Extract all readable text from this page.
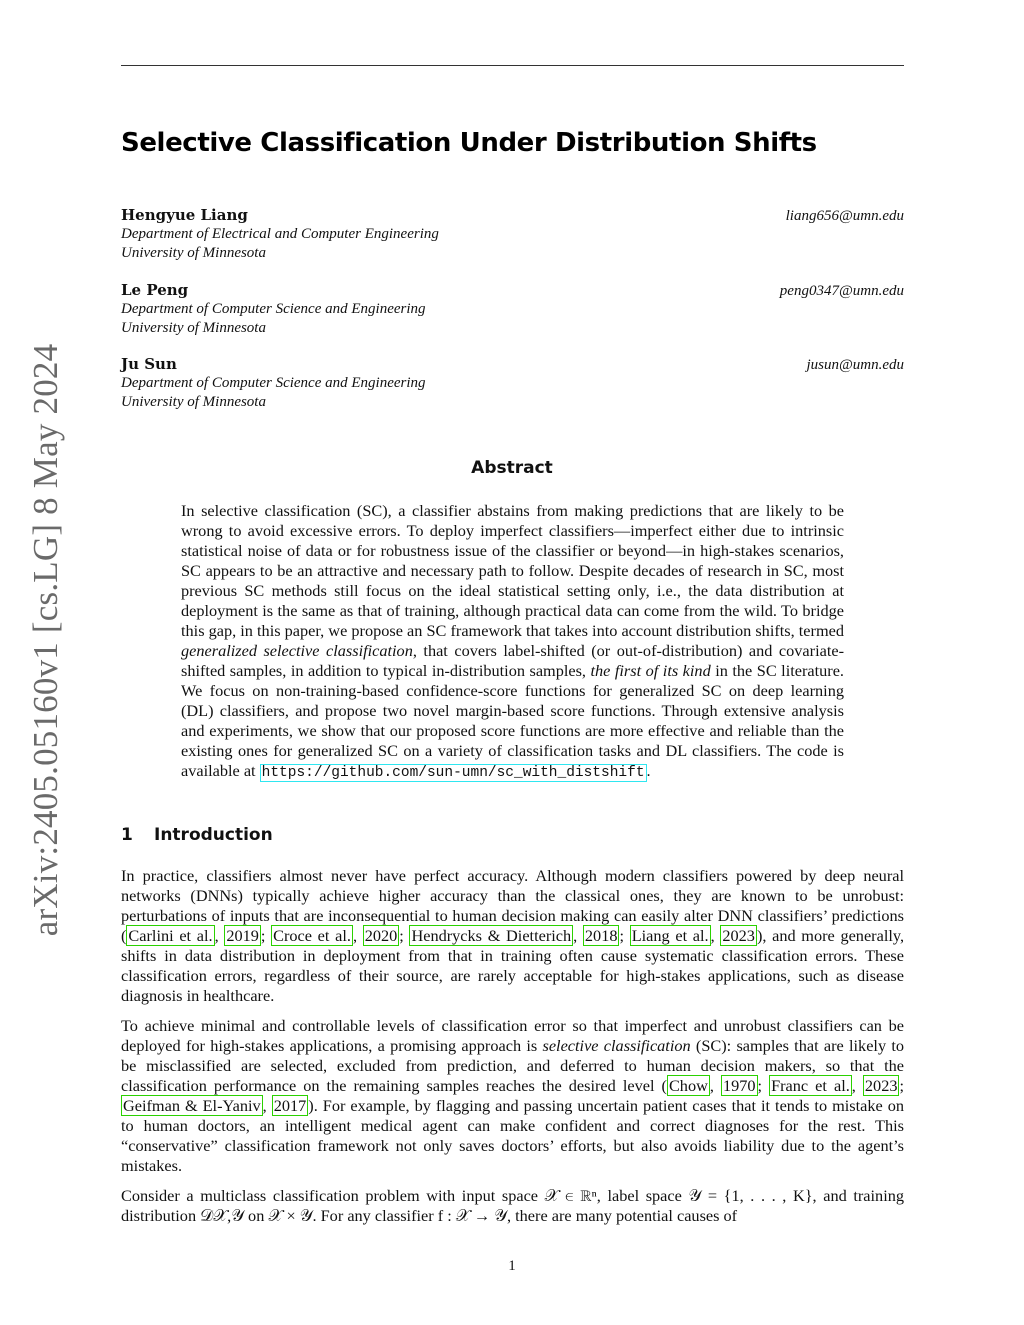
arXiv:2405.05160v1 [cs.LG] 8 May 2024
Selective Classification Under Distribution Shifts
Hengyue Liang	liang656@umn.edu
Department of Electrical and Computer Engineering
University of Minnesota
Le Peng	peng0347@umn.edu
Department of Computer Science and Engineering
University of Minnesota
Ju Sun	jusun@umn.edu
Department of Computer Science and Engineering
University of Minnesota
Abstract
In selective classification (SC), a classifier abstains from making predictions that are likely to be wrong to avoid excessive errors. To deploy imperfect classifiers—imperfect either due to intrinsic statistical noise of data or for robustness issue of the classifier or beyond—in high-stakes scenarios, SC appears to be an attractive and necessary path to follow. Despite decades of research in SC, most previous SC methods still focus on the ideal statistical setting only, i.e., the data distribution at deployment is the same as that of training, although practical data can come from the wild. To bridge this gap, in this paper, we propose an SC framework that takes into account distribution shifts, termed generalized selective classification, that covers label-shifted (or out-of-distribution) and covariate-shifted samples, in addition to typical in-distribution samples, the first of its kind in the SC literature. We focus on non-training-based confidence-score functions for generalized SC on deep learning (DL) classifiers, and propose two novel margin-based score functions. Through extensive analysis and experiments, we show that our proposed score functions are more effective and reliable than the existing ones for generalized SC on a variety of classification tasks and DL classifiers. The code is available at https://github.com/sun-umn/sc_with_distshift .
1 Introduction
In practice, classifiers almost never have perfect accuracy. Although modern classifiers powered by deep neural networks (DNNs) typically achieve higher accuracy than the classical ones, they are known to be unrobust: perturbations of inputs that are inconsequential to human decision making can easily alter DNN classifiers’ predictions ( Carlini et al. , 2019 ; Croce et al. , 2020 ; Hendrycks & Dietterich , 2018 ; Liang et al. , 2023 ), and more generally, shifts in data distribution in deployment from that in training often cause systematic classification errors. These classification errors, regardless of their source, are rarely acceptable for high-stakes applications, such as disease diagnosis in healthcare.
To achieve minimal and controllable levels of classification error so that imperfect and unrobust classifiers can be deployed for high-stakes applications, a promising approach is selective classification (SC): samples that are likely to be misclassified are selected, excluded from prediction, and deferred to human decision makers, so that the classification performance on the remaining samples reaches the desired level ( Chow , 1970 ; Franc et al. , 2023 ; Geifman & El-Yaniv , 2017 ). For example, by flagging and passing uncertain patient cases that it tends to mistake on to human doctors, an intelligent medical agent can make confident and correct diagnoses for the rest. This “conservative” classification framework not only saves doctors’ efforts, but also avoids liability due to the agent’s mistakes.
Consider a multiclass classification problem with input space 𝒳 ∈ ℝⁿ, label space 𝒴 = {1, . . . , K}, and training distribution 𝒟𝒳,𝒴 on 𝒳 × 𝒴. For any classifier f : 𝒳 → 𝒴, there are many potential causes of
1
